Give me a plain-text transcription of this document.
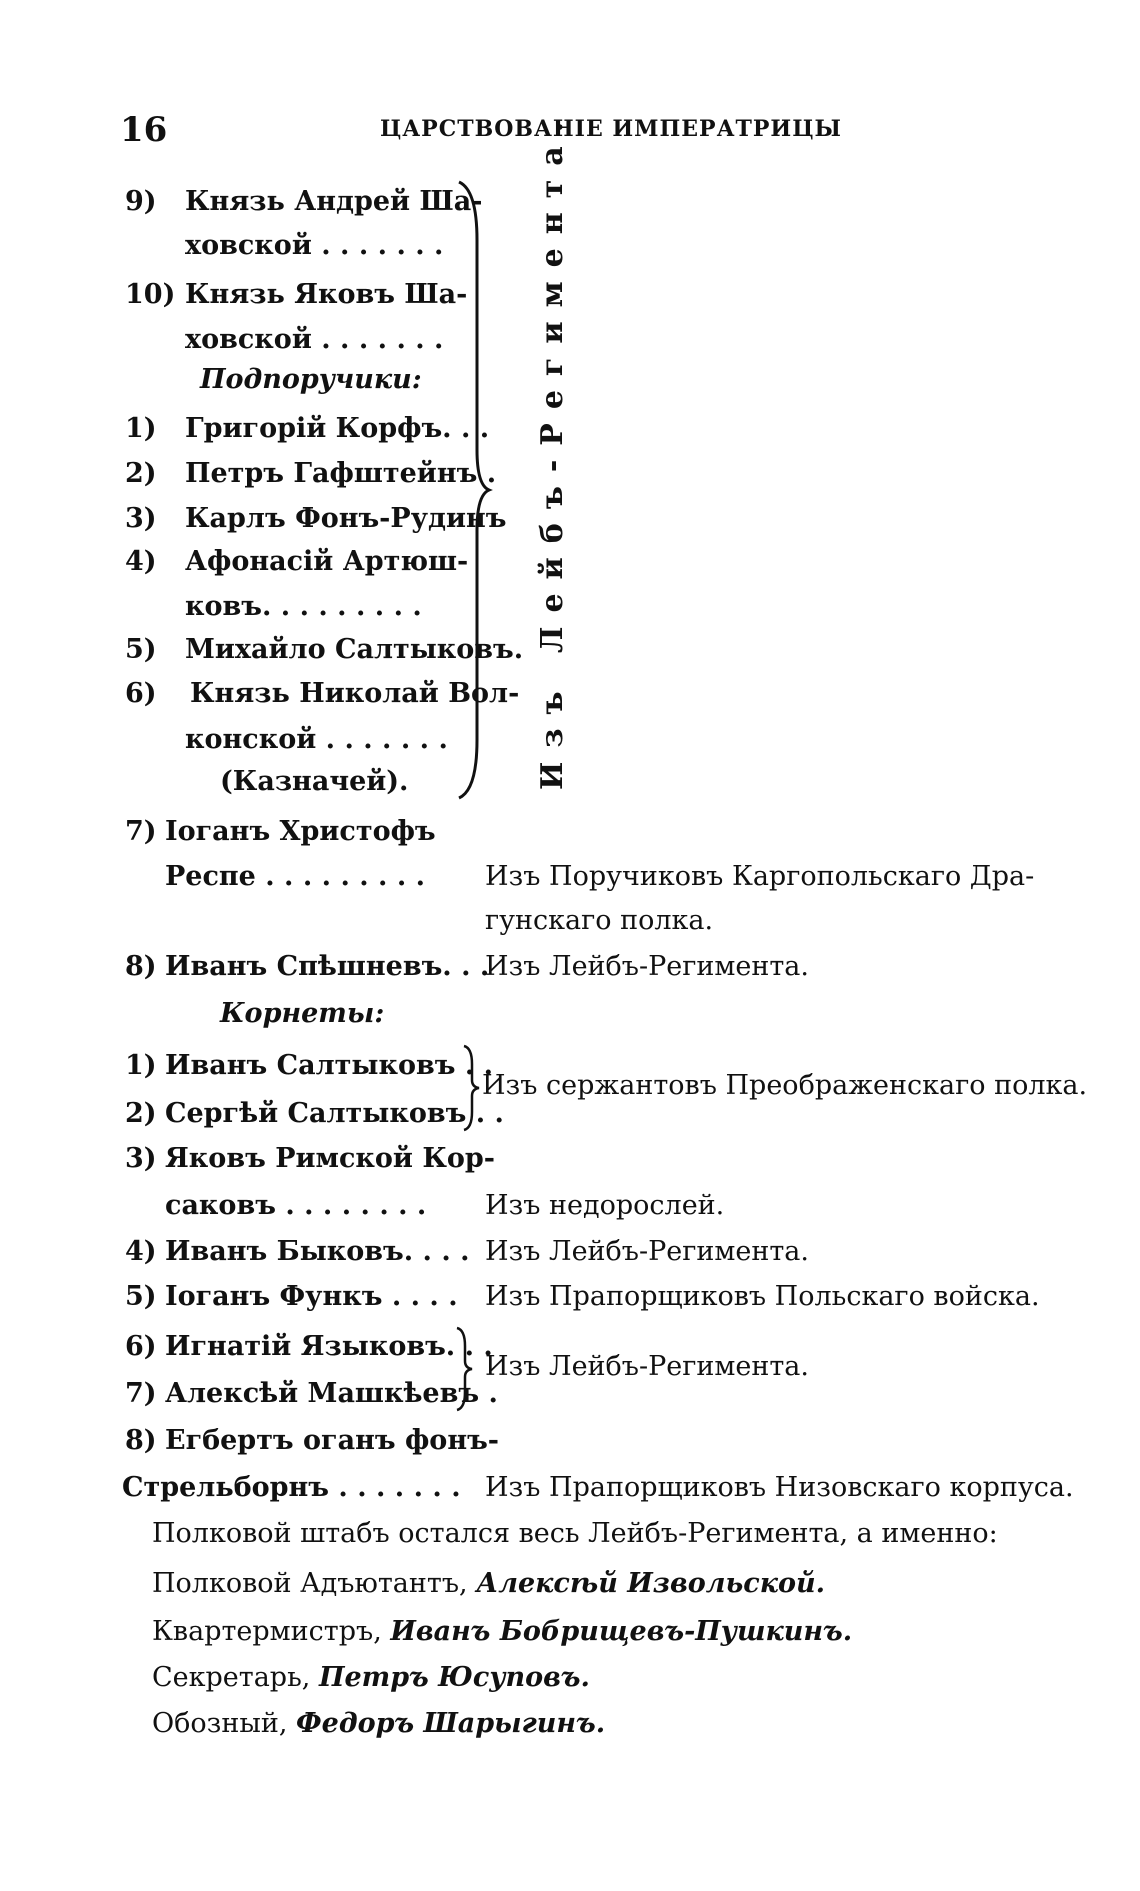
16	ЦАРСТВОВАНІЕ ИМПЕРАТРИЦЫ
9) Князь Андрей Ша-
ховской . . . . . . .
10) Князь Яковъ Ша-
ховской . . . . . . .
Подпоручики:
1) Григорій Корфъ. . .
2) Петръ Гафштейнъ .
3) Карлъ Фонъ-Рудинъ
4) Афонасій Артюш-
ковъ. . . . . . . . .
5) Михайло Салтыковъ.
6) Князь Николай Вол-
конской . . . . . . .
(Казначей).	Изъ Лейбъ-Регимента.
7) Іоганъ Христофъ
Респе . . . . . . . . . Изъ Поручиковъ Каргопольскаго Дра-
гунскаго полка.
8) Иванъ Спѣшневъ. . .
Изъ Лейбъ-Регимента.
Корнеты:
1) Иванъ Салтыковъ . .
2) Сергѣй Салтыковъ . .
Изъ сержантовъ Преображенскаго полка.
3) Яковъ Римской Кор-
саковъ . . . . . . . . Изъ недорослей.
4) Иванъ Быковъ. . . . Изъ Лейбъ-Регимента.
5) Іоганъ Функъ . . . . Изъ Прапорщиковъ Польскаго войска.
6) Игнатій Языковъ. . .
7) Алексѣй Машкѣевъ .
Изъ Лейбъ-Регимента.
8) Егбертъ оганъ фонъ-
Стрельборнъ . . . . . . . Изъ Прапорщиковъ Низовскаго корпуса.
Полковой штабъ остался весь Лейбъ-Регимента, а именно:
Полковой Адъютантъ, Алексѣй Извольской.
Квартермистръ, Иванъ Бобрищевъ-Пушкинъ.
Секретарь, Петръ Юсуповъ.
Обозный, Федоръ Шарыгинъ.
